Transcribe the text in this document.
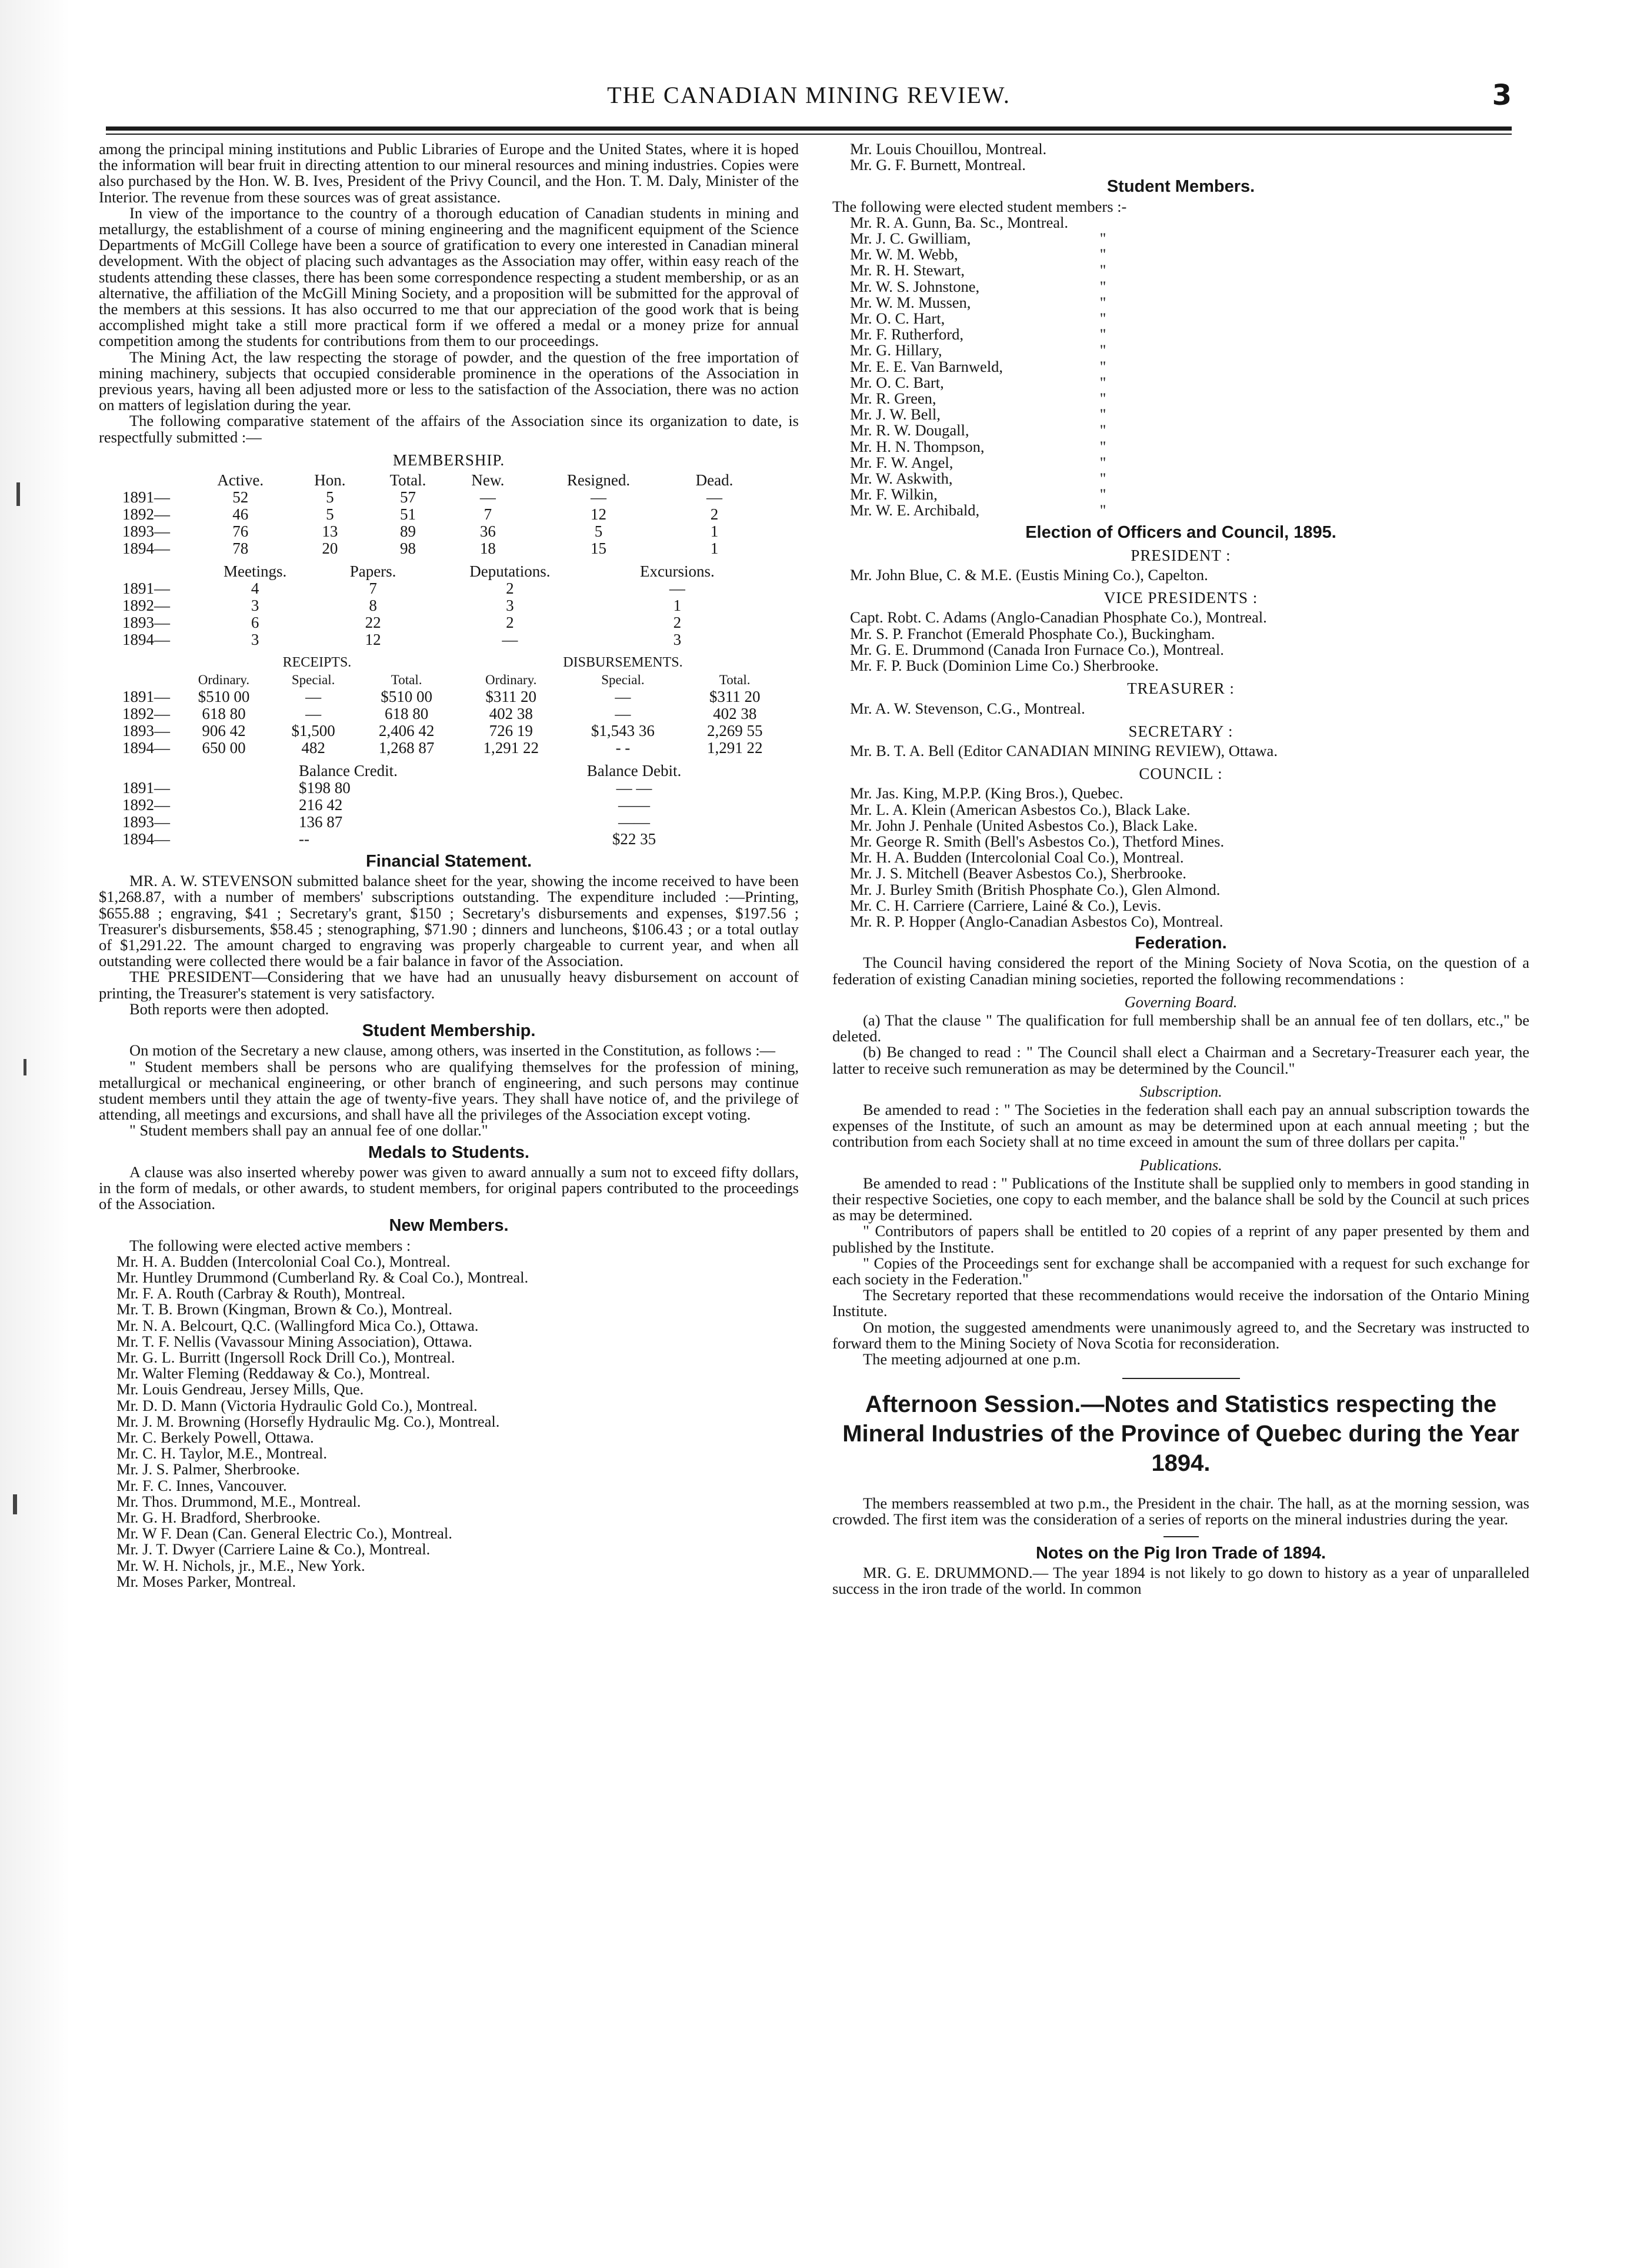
THE CANADIAN MINING REVIEW.	3

among the principal mining institutions and Public Libraries of Europe and the United States, where it is hoped the information will bear fruit in directing attention to our mineral resources and mining industries. Copies were also purchased by the Hon. W. B. Ives, President of the Privy Council, and the Hon. T. M. Daly, Minister of the Interior. The revenue from these sources was of great assistance.

In view of the importance to the country of a thorough education of Canadian students in mining and metallurgy, the establishment of a course of mining engineering and the magnificent equipment of the Science Departments of McGill College have been a source of gratification to every one interested in Canadian mineral development. With the object of placing such advantages as the Association may offer, within easy reach of the students attending these classes, there has been some correspondence respecting a student membership, or as an alternative, the affiliation of the McGill Mining Society, and a proposition will be submitted for the approval of the members at this sessions. It has also occurred to me that our appreciation of the good work that is being accomplished might take a still more practical form if we offered a medal or a money prize for annual competition among the students for contributions from them to our proceedings.

The Mining Act, the law respecting the storage of powder, and the question of the free importation of mining machinery, subjects that occupied considerable prominence in the operations of the Association in previous years, having all been adjusted more or less to the satisfaction of the Association, there was no action on matters of legislation during the year.

The following comparative statement of the affairs of the Association since its organization to date, is respectfully submitted :—

MEMBERSHIP.
	Active.	Hon.	Total.	New.	Resigned.	Dead.
1891—	52	5	57	—	—	—
1892—	46	5	51	7	12	2
1893—	76	13	89	36	5	1
1894—	78	20	98	18	15	1
	Meetings.	Papers.	Deputations.	Excursions.
1891—	4	7	2	—
1892—	3	8	3	1
1893—	6	22	2	2
1894—	3	12	—	3
	RECEIPTS.			DISBURSEMENTS.		
	Ordinary.	Special.	Total.	Ordinary.	Special.	Total.
1891—	$510 00	—	$510 00	$311 20	—	$311 20
1892—	618 80	—	618 80	402 38	—	402 38
1893—	906 42	$1,500	2,406 42	726 19	$1,543 36	2,269 55
1894—	650 00	482	1,268 87	1,291 22	- -	1,291 22
	Balance Credit.	Balance Debit.
1891—	$198 80	— —
1892—	216 42	——
1893—	136 87	——
1894—	--	$22 35
Financial Statement.

MR. A. W. STEVENSON submitted balance sheet for the year, showing the income received to have been $1,268.87, with a number of members' subscriptions outstanding. The expenditure included :—Printing, $655.88 ; engraving, $41 ; Secretary's grant, $150 ; Secretary's disbursements and expenses, $197.56 ; Treasurer's disbursements, $58.45 ; stenographing, $71.90 ; dinners and luncheons, $106.43 ; or a total outlay of $1,291.22. The amount charged to engraving was properly chargeable to current year, and when all outstanding were collected there would be a fair balance in favor of the Association.

THE PRESIDENT—Considering that we have had an unusually heavy disbursement on account of printing, the Treasurer's statement is very satisfactory.

Both reports were then adopted.

Student Membership.

On motion of the Secretary a new clause, among others, was inserted in the Constitution, as follows :—

" Student members shall be persons who are qualifying themselves for the profession of mining, metallurgical or mechanical engineering, or other branch of engineering, and such persons may continue student members until they attain the age of twenty-five years. They shall have notice of, and the privilege of attending, all meetings and excursions, and shall have all the privileges of the Association except voting.

" Student members shall pay an annual fee of one dollar."

Medals to Students.

A clause was also inserted whereby power was given to award annually a sum not to exceed fifty dollars, in the form of medals, or other awards, to student members, for original papers contributed to the proceedings of the Association.

New Members.

The following were elected active members :

Mr. H. A. Budden (Intercolonial Coal Co.), Montreal.
Mr. Huntley Drummond (Cumberland Ry. & Coal Co.), Montreal.
Mr. F. A. Routh (Carbray & Routh), Montreal.
Mr. T. B. Brown (Kingman, Brown & Co.), Montreal.
Mr. N. A. Belcourt, Q.C. (Wallingford Mica Co.), Ottawa.
Mr. T. F. Nellis (Vavassour Mining Association), Ottawa.
Mr. G. L. Burritt (Ingersoll Rock Drill Co.), Montreal.
Mr. Walter Fleming (Reddaway & Co.), Montreal.
Mr. Louis Gendreau, Jersey Mills, Que.
Mr. D. D. Mann (Victoria Hydraulic Gold Co.), Montreal.
Mr. J. M. Browning (Horsefly Hydraulic Mg. Co.), Montreal.
Mr. C. Berkely Powell, Ottawa.
Mr. C. H. Taylor, M.E., Montreal.
Mr. J. S. Palmer, Sherbrooke.
Mr. F. C. Innes, Vancouver.
Mr. Thos. Drummond, M.E., Montreal.
Mr. G. H. Bradford, Sherbrooke.
Mr. W F. Dean (Can. General Electric Co.), Montreal.
Mr. J. T. Dwyer (Carriere Laine & Co.), Montreal.
Mr. W. H. Nichols, jr., M.E., New York.
Mr. Moses Parker, Montreal.
Mr. Louis Chouillou, Montreal.
Mr. G. F. Burnett, Montreal.
Student Members.

The following were elected student members :-

Mr. R. A. Gunn, Ba. Sc., Montreal.
Mr. J. C. Gwilliam,	"
Mr. W. M. Webb,	"
Mr. R. H. Stewart,	"
Mr. W. S. Johnstone,	"
Mr. W. M. Mussen,	"
Mr. O. C. Hart,	"
Mr. F. Rutherford,	"
Mr. G. Hillary,	"
Mr. E. E. Van Barnweld,	"
Mr. O. C. Bart,	"
Mr. R. Green,	"
Mr. J. W. Bell,	"
Mr. R. W. Dougall,	"
Mr. H. N. Thompson,	"
Mr. F. W. Angel,	"
Mr. W. Askwith,	"
Mr. F. Wilkin,	"
Mr. W. E. Archibald,	"
Election of Officers and Council, 1895.
PRESIDENT :
Mr. John Blue, C. & M.E. (Eustis Mining Co.), Capelton.
VICE PRESIDENTS :
Capt. Robt. C. Adams (Anglo-Canadian Phosphate Co.), Montreal.
Mr. S. P. Franchot (Emerald Phosphate Co.), Buckingham.
Mr. G. E. Drummond (Canada Iron Furnace Co.), Montreal.
Mr. F. P. Buck (Dominion Lime Co.) Sherbrooke.
TREASURER :
Mr. A. W. Stevenson, C.G., Montreal.
SECRETARY :
Mr. B. T. A. Bell (Editor CANADIAN MINING REVIEW), Ottawa.
COUNCIL :
Mr. Jas. King, M.P.P. (King Bros.), Quebec.
Mr. L. A. Klein (American Asbestos Co.), Black Lake.
Mr. John J. Penhale (United Asbestos Co.), Black Lake.
Mr. George R. Smith (Bell's Asbestos Co.), Thetford Mines.
Mr. H. A. Budden (Intercolonial Coal Co.), Montreal.
Mr. J. S. Mitchell (Beaver Asbestos Co.), Sherbrooke.
Mr. J. Burley Smith (British Phosphate Co.), Glen Almond.
Mr. C. H. Carriere (Carriere, Lainé & Co.), Levis.
Mr. R. P. Hopper (Anglo-Canadian Asbestos Co), Montreal.
Federation.

The Council having considered the report of the Mining Society of Nova Scotia, on the question of a federation of existing Canadian mining societies, reported the following recommendations :

Governing Board.

(a) That the clause " The qualification for full membership shall be an annual fee of ten dollars, etc.," be deleted.

(b) Be changed to read : " The Council shall elect a Chairman and a Secretary-Treasurer each year, the latter to receive such remuneration as may be determined by the Council."

Subscription.

Be amended to read : " The Societies in the federation shall each pay an annual subscription towards the expenses of the Institute, of such an amount as may be determined upon at each annual meeting ; but the contribution from each Society shall at no time exceed in amount the sum of three dollars per capita."

Publications.

Be amended to read : " Publications of the Institute shall be supplied only to members in good standing in their respective Societies, one copy to each member, and the balance shall be sold by the Council at such prices as may be determined.

" Contributors of papers shall be entitled to 20 copies of a reprint of any paper presented by them and published by the Institute.

" Copies of the Proceedings sent for exchange shall be accompanied with a request for such exchange for each society in the Federation."

The Secretary reported that these recommendations would receive the indorsation of the Ontario Mining Institute.

On motion, the suggested amendments were unanimously agreed to, and the Secretary was instructed to forward them to the Mining Society of Nova Scotia for reconsideration.

The meeting adjourned at one p.m.

Afternoon Session.—Notes and Statistics respecting the Mineral Industries of the Province of Quebec during the Year 1894.

The members reassembled at two p.m., the President in the chair. The hall, as at the morning session, was crowded. The first item was the consideration of a series of reports on the mineral industries during the year.

Notes on the Pig Iron Trade of 1894.

MR. G. E. DRUMMOND.— The year 1894 is not likely to go down to history as a year of unparalleled success in the iron trade of the world. In common
